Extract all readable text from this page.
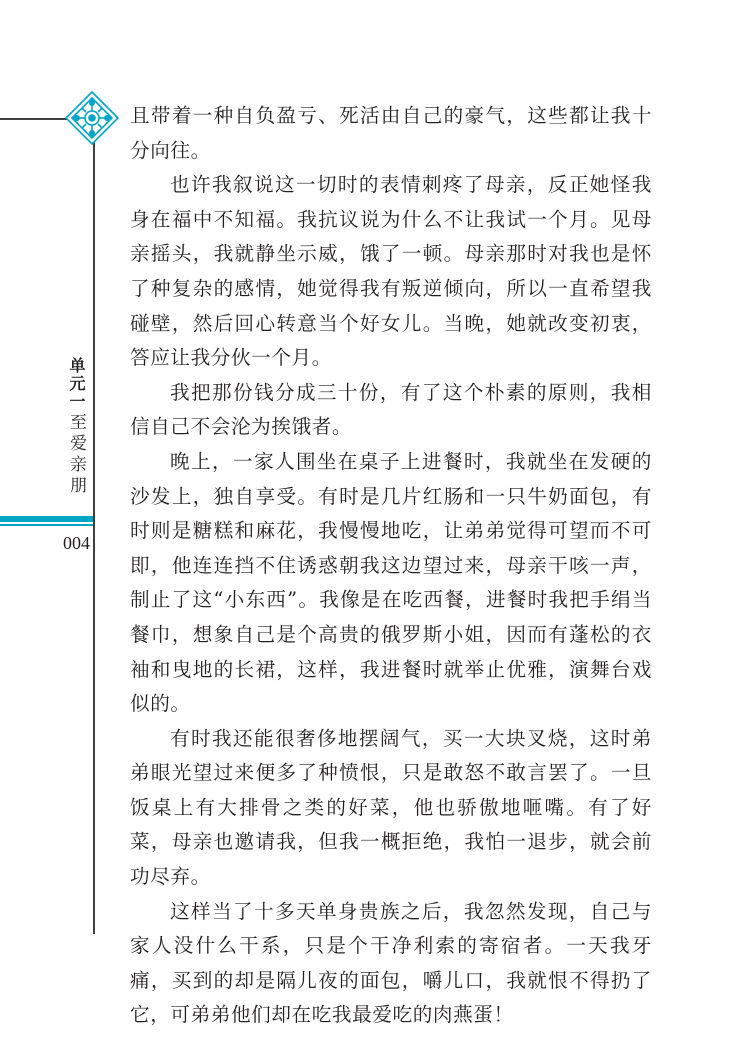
单元一
至爱亲朋
004

且带着一种自负盈亏、死活由自己的豪气，这些都让我十分向往。

也许我叙说这一切时的表情刺疼了母亲，反正她怪我身在福中不知福。我抗议说为什么不让我试一个月。见母亲摇头，我就静坐示威，饿了一顿。母亲那时对我也是怀了种复杂的感情，她觉得我有叛逆倾向，所以一直希望我碰壁，然后回心转意当个好女儿。当晚，她就改变初衷，答应让我分伙一个月。

我把那份钱分成三十份，有了这个朴素的原则，我相信自己不会沦为挨饿者。

晚上，一家人围坐在桌子上进餐时，我就坐在发硬的沙发上，独自享受。有时是几片红肠和一只牛奶面包，有时则是糖糕和麻花，我慢慢地吃，让弟弟觉得可望而不可即，他连连挡不住诱惑朝我这边望过来，母亲干咳一声，制止了这“小东西”。我像是在吃西餐，进餐时我把手绢当餐巾，想象自己是个高贵的俄罗斯小姐，因而有蓬松的衣袖和曳地的长裙，这样，我进餐时就举止优雅，演舞台戏似的。

有时我还能很奢侈地摆阔气，买一大块叉烧，这时弟弟眼光望过来便多了种愤恨，只是敢怒不敢言罢了。一旦饭桌上有大排骨之类的好菜，他也骄傲地咂嘴。有了好菜，母亲也邀请我，但我一概拒绝，我怕一退步，就会前功尽弃。

这样当了十多天单身贵族之后，我忽然发现，自己与家人没什么干系，只是个干净利索的寄宿者。一天我牙痛，买到的却是隔儿夜的面包，嚼儿口，我就恨不得扔了它，可弟弟他们却在吃我最爱吃的肉燕蛋！
